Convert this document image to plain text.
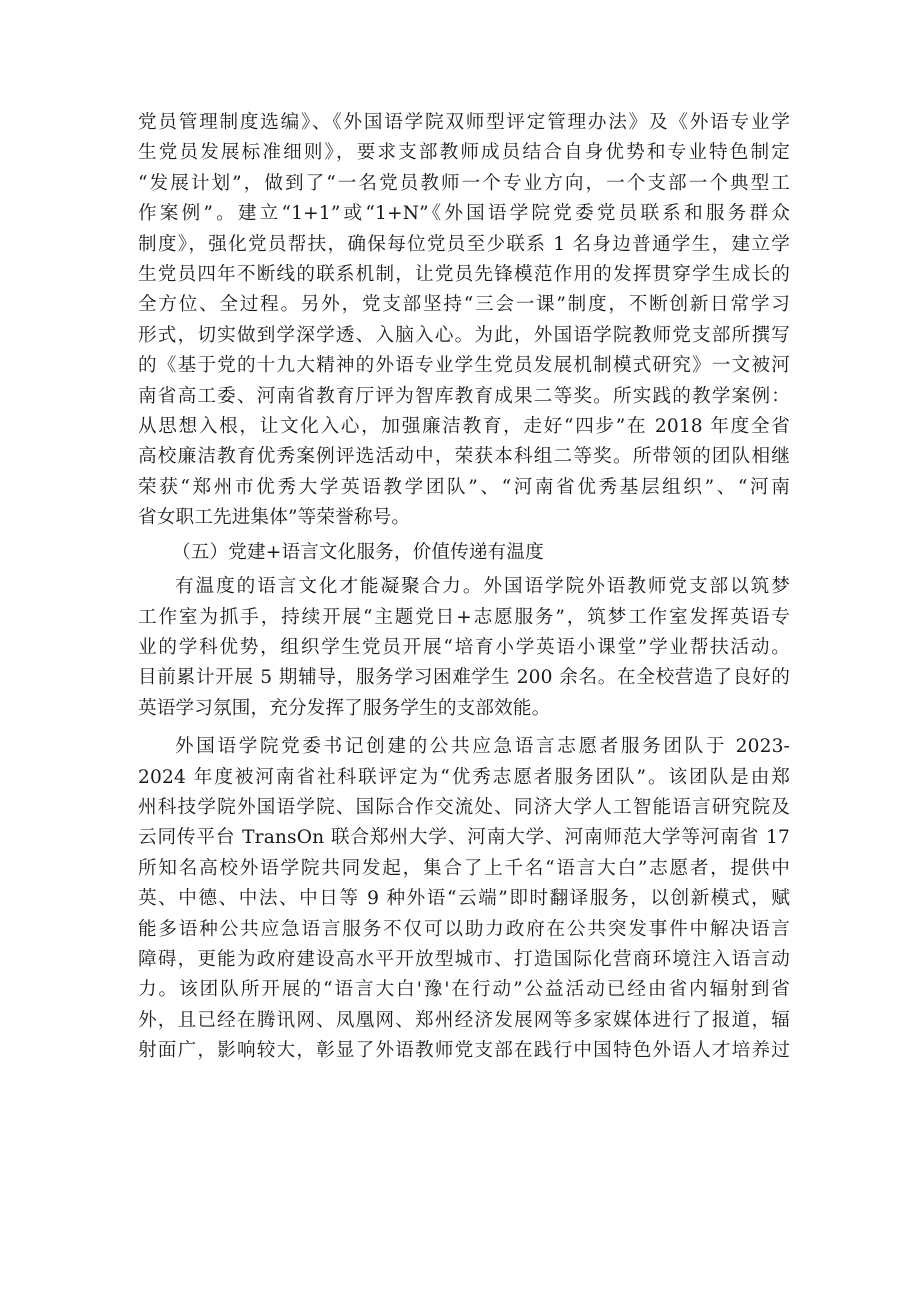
党员管理制度选编》、《外国语学院双师型评定管理办法》及《外语专业学
生党员发展标准细则》，要求支部教师成员结合自身优势和专业特色制定
“发展计划”，做到了“一名党员教师一个专业方向，一个支部一个典型工
作案例”。建立“1+1”或“1+N”《外国语学院党委党员联系和服务群众
制度》，强化党员帮扶，确保每位党员至少联系 1 名身边普通学生，建立学
生党员四年不断线的联系机制，让党员先锋模范作用的发挥贯穿学生成长的
全方位、全过程。另外，党支部坚持“三会一课”制度，不断创新日常学习
形式，切实做到学深学透、入脑入心。为此，外国语学院教师党支部所撰写
的《基于党的十九大精神的外语专业学生党员发展机制模式研究》一文被河
南省高工委、河南省教育厅评为智库教育成果二等奖。所实践的教学案例：
从思想入根，让文化入心，加强廉洁教育，走好“四步”在 2018 年度全省
高校廉洁教育优秀案例评选活动中，荣获本科组二等奖。所带领的团队相继
荣获“郑州市优秀大学英语教学团队”、“河南省优秀基层组织”、“河南
省女职工先进集体”等荣誉称号。
（五）党建+语言文化服务，价值传递有温度
有温度的语言文化才能凝聚合力。外国语学院外语教师党支部以筑梦
工作室为抓手，持续开展“主题党日+志愿服务”，筑梦工作室发挥英语专
业的学科优势，组织学生党员开展“培育小学英语小课堂”学业帮扶活动。
目前累计开展 5 期辅导，服务学习困难学生 200 余名。在全校营造了良好的
英语学习氛围，充分发挥了服务学生的支部效能。
外国语学院党委书记创建的公共应急语言志愿者服务团队于 2023-
2024 年度被河南省社科联评定为“优秀志愿者服务团队”。该团队是由郑
州科技学院外国语学院、国际合作交流处、同济大学人工智能语言研究院及
云同传平台 TransOn 联合郑州大学、河南大学、河南师范大学等河南省 17
所知名高校外语学院共同发起，集合了上千名“语言大白”志愿者，提供中
英、中德、中法、中日等 9 种外语“云端”即时翻译服务，以创新模式，赋
能多语种公共应急语言服务不仅可以助力政府在公共突发事件中解决语言
障碍，更能为政府建设高水平开放型城市、打造国际化营商环境注入语言动
力。该团队所开展的“语言大白'豫'在行动”公益活动已经由省内辐射到省
外，且已经在腾讯网、凤凰网、郑州经济发展网等多家媒体进行了报道，辐
射面广，影响较大，彰显了外语教师党支部在践行中国特色外语人才培养过
